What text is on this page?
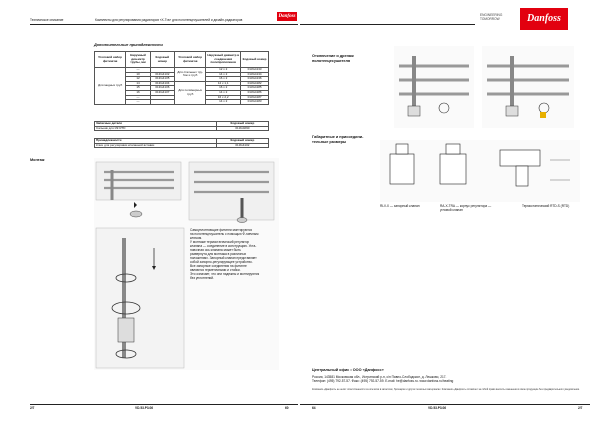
Техническое описание	Комплекты для регулирования радиаторов «Х-Tra» для полотенцесушителей и дизайн-радиаторов
Danfoss
Дополнительные принадлежности
Уголовой набор фитингов	Наружный диа-метр трубы, мм	Кодовый номер	Уголовой набор фитингов	Наружный диаметр в соединения полипропиленов	Кодовый номер
Для медных труб	—		Для стальных тру-бок и труб	12 x 2	013G4133
	10	013G4132		14 x 2	013G4134
	12	013G4135		16 x 2	013G4136
	14	013G4134	Для полимерных труб	12 x 1,1	013G4182
	15	013G4136		16 x 2	013G4185
	16	013G4137		14 x 2	013G4186
	—			16 x 2,2	013G4187
	—			14 x 2	013G4183
Запасные детали	Кодовый номер
Сальник для ИК RTD	013G0290
Принадлежности	Кодовый номер
Ключ для регулировки клапанной вставки	013G4102
Монтаж
Самоуплотняющие фитинги монтируются
на полотенцесушитель с помощью Ф-гаечным
ключом.
У монтаже термостатический регулятор
клапана — соединение в конструкцию. Уста-
новочная ось клапана может быть
развернута для монтажа в различных
положениях. Запорный клапан представляет
собой запорно-регулирующее устройство.
Все запорные соединения на фитинге
являются герметичными и стойки.
Это означает, что они надежны и монтируются
без уплотнений.
2/7	VD.53.P3.06	60
ENGINEERING
TOMORROW	Danfoss
Отключение и дренаж полотенцесушителя
Габаритные и присоедини-тельные размеры
RLV-Х — запорный клапан	RA-Х-TRA — корпус регулятора — угловой клапан
Термостатический RTD-S (RTD)
Центральный офис • ООО «Данфосс»
Россия, 143581 Московская обл., Истринский р-н, с/п Павло-Слободское, д. Лешково, 217.
Телефон: (495) 792-57-57. Факс: (495) 792-57-59. E-mail: he@danfoss.ru. www.danfoss.ru/heating
Компания «Данфосс» не несёт ответственности за опечатки в каталогах, брошюрах и других печатных материалах. Компания «Данфосс» оставляет за собой право вносить изменения в свою продукцию без предварительного уведомления.
64	VD.53.P3.06	2/7
